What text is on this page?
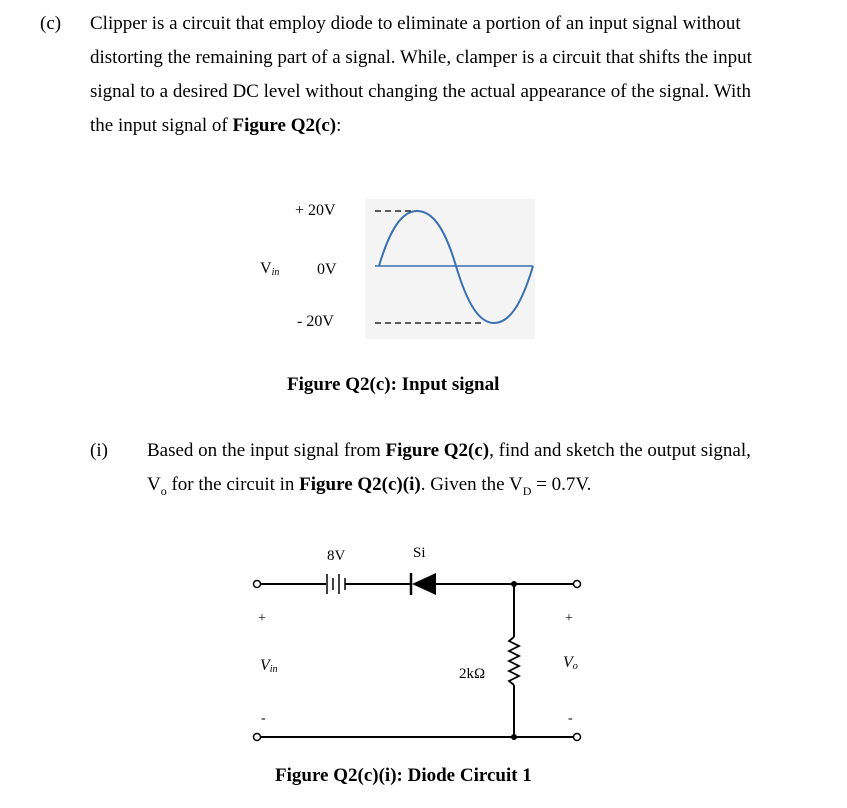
(c) Clipper is a circuit that employ diode to eliminate a portion of an input signal without
distorting the remaining part of a signal. While, clamper is a circuit that shifts the input
signal to a desired DC level without changing the actual appearance of the signal. With
the input signal of Figure Q2(c):
+ 20V
0V
- 20V
Vin
Figure Q2(c): Input signal
(i) Based on the input signal from Figure Q2(c), find and sketch the output signal,
$V_o$ for the circuit in Figure Q2(c)(i). Given the $V_D = 0.7V$.
8V	Si
2kΩ
+	+
-	-
Vin	Vo
Figure Q2(c)(i): Diode Circuit 1
